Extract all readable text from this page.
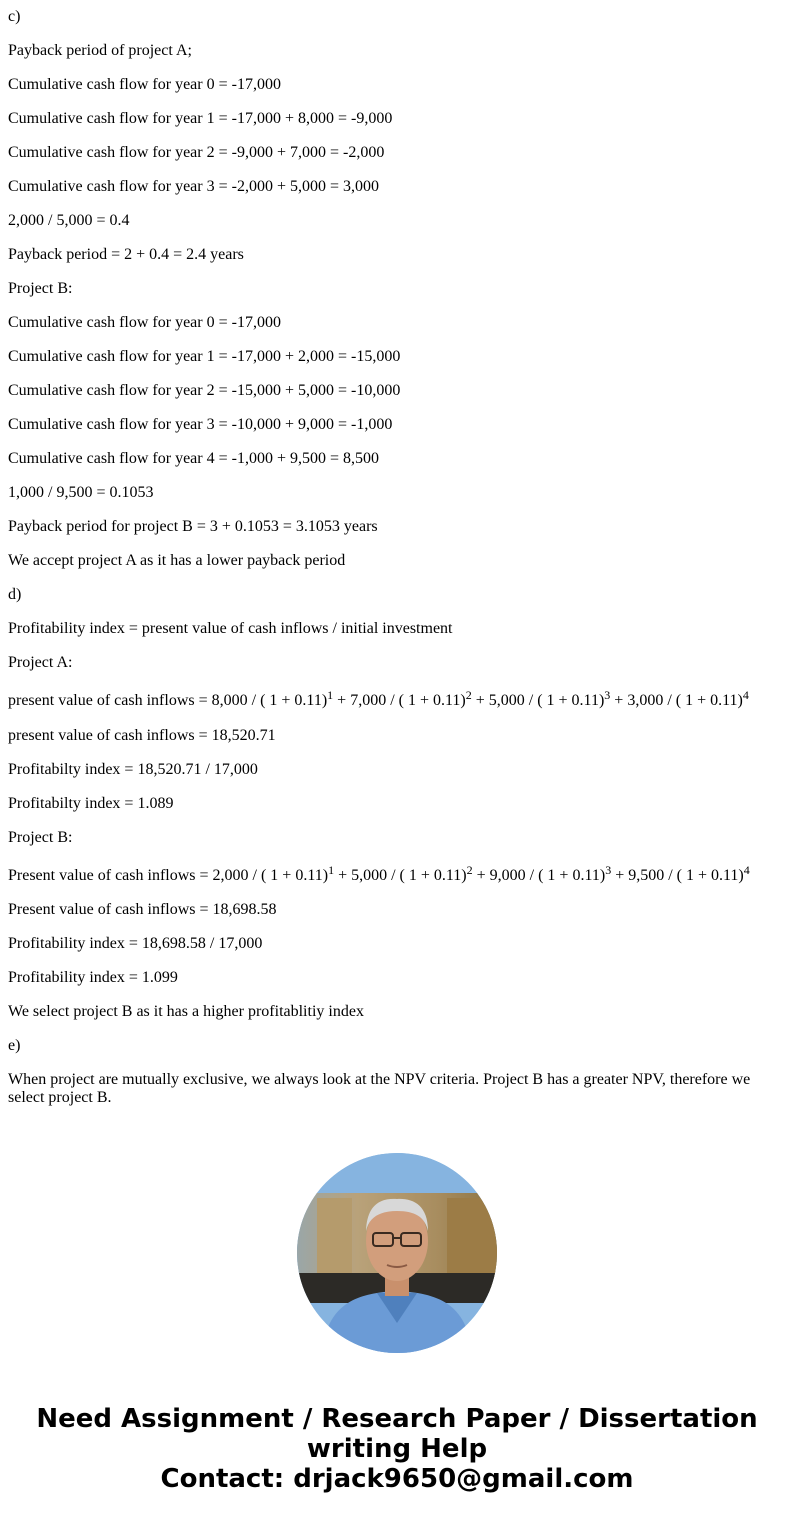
c)
Payback period of project A;
Cumulative cash flow for year 0 = -17,000
Cumulative cash flow for year 1 = -17,000 + 8,000 = -9,000
Cumulative cash flow for year 2 = -9,000 + 7,000 = -2,000
Cumulative cash flow for year 3 = -2,000 + 5,000 = 3,000
2,000 / 5,000 = 0.4
Payback period = 2 + 0.4 = 2.4 years
Project B:
Cumulative cash flow for year 0 = -17,000
Cumulative cash flow for year 1 = -17,000 + 2,000 = -15,000
Cumulative cash flow for year 2 = -15,000 + 5,000 = -10,000
Cumulative cash flow for year 3 = -10,000 + 9,000 = -1,000
Cumulative cash flow for year 4 = -1,000 + 9,500 = 8,500
1,000 / 9,500 = 0.1053
Payback period for project B = 3 + 0.1053 = 3.1053 years
We accept project A as it has a lower payback period
d)
Profitability index = present value of cash inflows / initial investment
Project A:
present value of cash inflows = 8,000 / ( 1 + 0.11)$^1$ + 7,000 / ( 1 + 0.11)$^2$ + 5,000 / ( 1 + 0.11)$^3$ + 3,000 / ( 1 + 0.11)$^4$
present value of cash inflows = 18,520.71
Profitabilty index = 18,520.71 / 17,000
Profitabilty index = 1.089
Project B:
Present value of cash inflows = 2,000 / ( 1 + 0.11)$^1$ + 5,000 / ( 1 + 0.11)$^2$ + 9,000 / ( 1 + 0.11)$^3$ + 9,500 / ( 1 + 0.11)$^4$
Present value of cash inflows = 18,698.58
Profitability index = 18,698.58 / 17,000
Profitability index = 1.099
We select project B as it has a higher profitablitiy index
e)
When project are mutually exclusive, we always look at the NPV criteria. Project B has a greater NPV, therefore we select project B.
Need Assignment / Research Paper / Dissertation
writing Help
Contact: drjack9650@gmail.com
